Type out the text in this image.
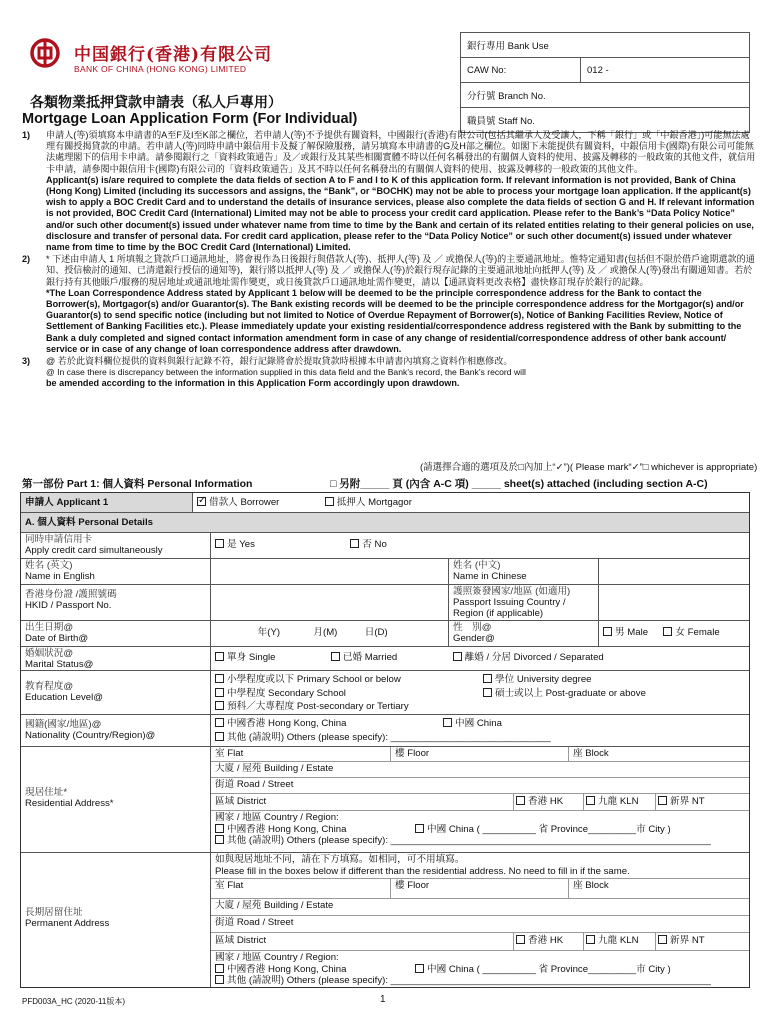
中国銀行(香港)有限公司
BANK OF CHINA (HONG KONG) LIMITED
銀行專用 Bank Use
CAW No:	012 -
分行號 Branch No.
職員號 Staff No.
各類物業抵押貸款申請表（私人戶專用）
Mortgage Loan Application Form (For Individual)
1) 申請人(等)須填寫本申請書的A至F及I至K部之欄位，若申請人(等)不予提供有關資料，中國銀行(香港)有限公司(包括其繼承人及受讓人，下稱「銀行」或「中銀香港」)可能無法處理有關授揭貸款的申請。若申請人(等)同時申請中銀信用卡及擬了解保險服務，請另填寫本申請書的G及H部之欄位。如閣下未能提供有關資料，中銀信用卡(國際)有限公司可能無法處理閣下的信用卡申請。請參閱銀行之「資料政策通告」及／或銀行及其某些相關實體不時以任何名稱發出的有關個人資料的使用、披露及轉移的一般政策的其他文件，就信用卡申請，請參閱中銀信用卡(國際)有限公司的「資料政策通告」及其不時以任何名稱發出的有關個人資料的使用、披露及轉移的一般政策的其他文件。
Applicant(s) is/are required to complete the data fields of section A to F and I to K of this application form. If relevant information is not provided, Bank of China (Hong Kong) Limited (including its successors and assigns, the “Bank”, or “BOCHK) may not be able to process your mortgage loan application. If the applicant(s) wish to apply a BOC Credit Card and to understand the details of insurance services, please also complete the data fields of section G and H. If relevant information is not provided, BOC Credit Card (International) Limited may not be able to process your credit card application. Please refer to the Bank’s “Data Policy Notice” and/or such other document(s) issued under whatever name from time to time by the Bank and certain of its related entities relating to their general policies on use, disclosure and transfer of personal data. For credit card application, please refer to the “Data Policy Notice” or such other document(s) issued under whatever name from time to time by the BOC Credit Card (International) Limited.
2) * 下述由申請人 1 所填報之貸款戶口通訊地址，將會視作為日後銀行與借款人(等)、抵押人(等) 及 ／ 或擔保人(等)的主要通訊地址。惟特定通知書(包括但不限於借戶逾期還款的通知、授信檢討的通知、已清還銀行授信的通知等)，銀行將以抵押人(等) 及 ／ 或擔保人(等)於銀行現存記錄的主要通訊地址向抵押人(等) 及 ／ 或擔保人(等)發出有關通知書。若於銀行持有其他賬戶/服務的現居地址或通訊地址需作變更，或日後貸款戶口通訊地址需作變更，請以【通訊資料更改表格】盡快修訂現存於銀行的記錄。
*The Loan Correspondence Address stated by Applicant 1 below will be deemed to be the principle correspondence address for the Bank to contact the Borrower(s), Mortgagor(s) and/or Guarantor(s). The Bank existing records will be deemed to be the principle correspondence address for the Mortgagor(s) and/or Guarantor(s) to send specific notice (including but not limited to Notice of Overdue Repayment of Borrower(s), Notice of Banking Facilities Review, Notice of Settlement of Banking Facilities etc.). Please immediately update your existing residential/correspondence address registered with the Bank by submitting to the Bank a duly completed and signed contact information amendment form in case of any change of residential/correspondence address of other bank account/ service or in case of any change of loan correspondence address after drawdown.
3) @ 若於此資料欄位提供的資料與銀行記錄不符，銀行記錄將會於提取貸款時根據本申請書內填寫之資料作相應修改。
@ In case there is discrepancy between the information supplied in this data field and the Bank’s record, the Bank’s record will
be amended according to the information in this Application Form accordingly upon drawdown.
(請選擇合適的選項及於□內加上“✓”)( Please mark“✓”□ whichever is appropriate)
第一部份 Part 1: 個人資料 Personal Information	□ 另附_____ 頁 (內含 A-C 項) _____ sheet(s) attached (including section A-C)
申請人 Applicant 1
✓	借款人 Borrower	抵押人 Mortgagor
A. 個人資料 Personal Details
同時申請信用卡
Apply credit card simultaneously
是 Yes	否 No
姓名 (英文)
Name in English
姓名 (中文)
Name in Chinese
香港身份證 /護照號碼
HKID / Passport No.
護照簽發國家/地區 (如適用)
Passport Issuing Country /
Region (if applicable)
出生日期@
Date of Birth@
年(Y)	月(M)	日(D)	性　別@
Gender@
男 Male	女 Female
婚姻狀況@
Marital Status@
單身 Single	已婚 Married	離婚 / 分居 Divorced / Separated
教育程度@
Education Level@
小學程度或以下 Primary School or below	學位 University degree
中學程度 Secondary School	碩士或以上 Post-graduate or above
預科／大專程度 Post-secondary or Tertiary
國籍(國家/地區)@
Nationality (Country/Region)@
中國香港 Hong Kong, China	中國 China
其他 (請說明) Others (please specify): ______________________________
現居住址*
Residential Address*
室 Flat	樓 Floor	座 Block
大廈 / 屋苑 Building / Estate
街道 Road / Street
區域 District	香港 HK	九龍 KLN	新界 NT
國家 / 地區 Country / Region:
中國香港 Hong Kong, China	中國 China ( __________ 省 Province_________市 City )
其他 (請說明) Others (please specify): ____________________________________________________________
長期居留住址
Permanent Address
如與現居地址不同，請在下方填寫。如相同，可不用填寫。
Please fill in the boxes below if different than the residential address. No need to fill in if the same.
室 Flat	樓 Floor	座 Block
大廈 / 屋苑 Building / Estate
街道 Road / Street
區域 District	香港 HK	九龍 KLN	新界 NT
國家 / 地區 Country / Region:
中國香港 Hong Kong, China	中國 China ( __________ 省 Province_________市 City )
其他 (請說明) Others (please specify): ____________________________________________________________
PFD003A_HC (2020-11版本)	1
